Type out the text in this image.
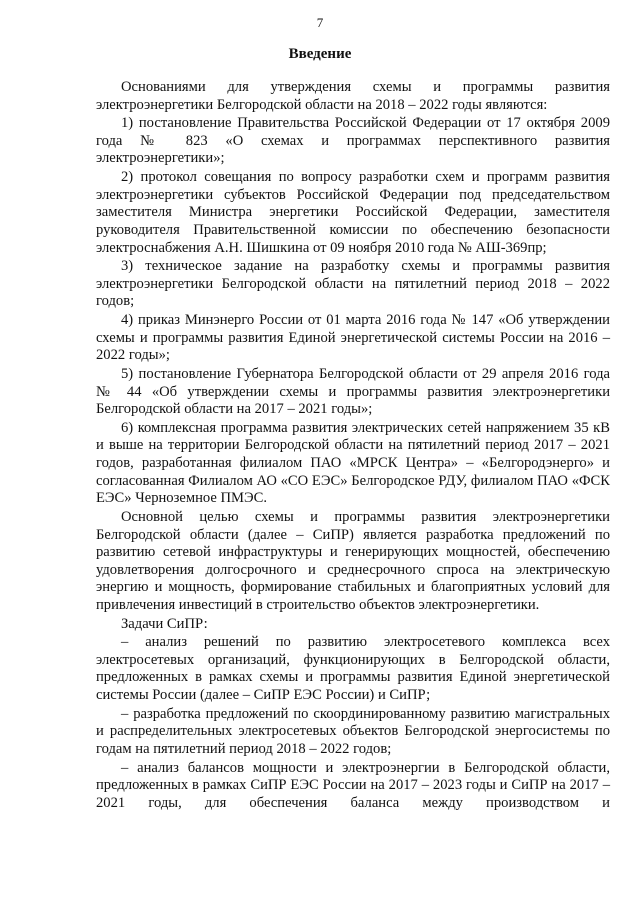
7
Введение

Основаниями для утверждения схемы и программы развития электроэнергетики Белгородской области на 2018 – 2022 годы являются:

1) постановление Правительства Российской Федерации от 17 октября 2009 года № 823 «О схемах и программах перспективного развития электроэнергетики»;

2) протокол совещания по вопросу разработки схем и программ развития электроэнергетики субъектов Российской Федерации под председательством заместителя Министра энергетики Российской Федерации, заместителя руководителя Правительственной комиссии по обеспечению безопасности электроснабжения А.Н. Шишкина от 09 ноября 2010 года № АШ-369пр;

3) техническое задание на разработку схемы и программы развития электроэнергетики Белгородской области на пятилетний период 2018 – 2022 годов;

4) приказ Минэнерго России от 01 марта 2016 года № 147 «Об утверждении схемы и программы развития Единой энергетической системы России на 2016 – 2022 годы»;

5) постановление Губернатора Белгородской области от 29 апреля 2016 года № 44 «Об утверждении схемы и программы развития электроэнергетики Белгородской области на 2017 – 2021 годы»;

6) комплексная программа развития электрических сетей напряжением 35 кВ и выше на территории Белгородской области на пятилетний период 2017 – 2021 годов, разработанная филиалом ПАО «МРСК Центра» – «Белгородэнерго» и согласованная Филиалом АО «СО ЕЭС» Белгородское РДУ, филиалом ПАО «ФСК ЕЭС» Черноземное ПМЭС.

Основной целью схемы и программы развития электроэнергетики Белгородской области (далее – СиПР) является разработка предложений по развитию сетевой инфраструктуры и генерирующих мощностей, обеспечению удовлетворения долгосрочного и среднесрочного спроса на электрическую энергию и мощность, формирование стабильных и благоприятных условий для привлечения инвестиций в строительство объектов электроэнергетики.

Задачи СиПР:

– анализ решений по развитию электросетевого комплекса всех электросетевых организаций, функционирующих в Белгородской области, предложенных в рамках схемы и программы развития Единой энергетической системы России (далее – СиПР ЕЭС России) и СиПР;

– разработка предложений по скоординированному развитию магистральных и распределительных электросетевых объектов Белгородской энергосистемы по годам на пятилетний период 2018 – 2022 годов;

– анализ балансов мощности и электроэнергии в Белгородской области, предложенных в рамках СиПР ЕЭС России на 2017 – 2023 годы и СиПР на 2017 – 2021 годы, для обеспечения баланса между производством и
